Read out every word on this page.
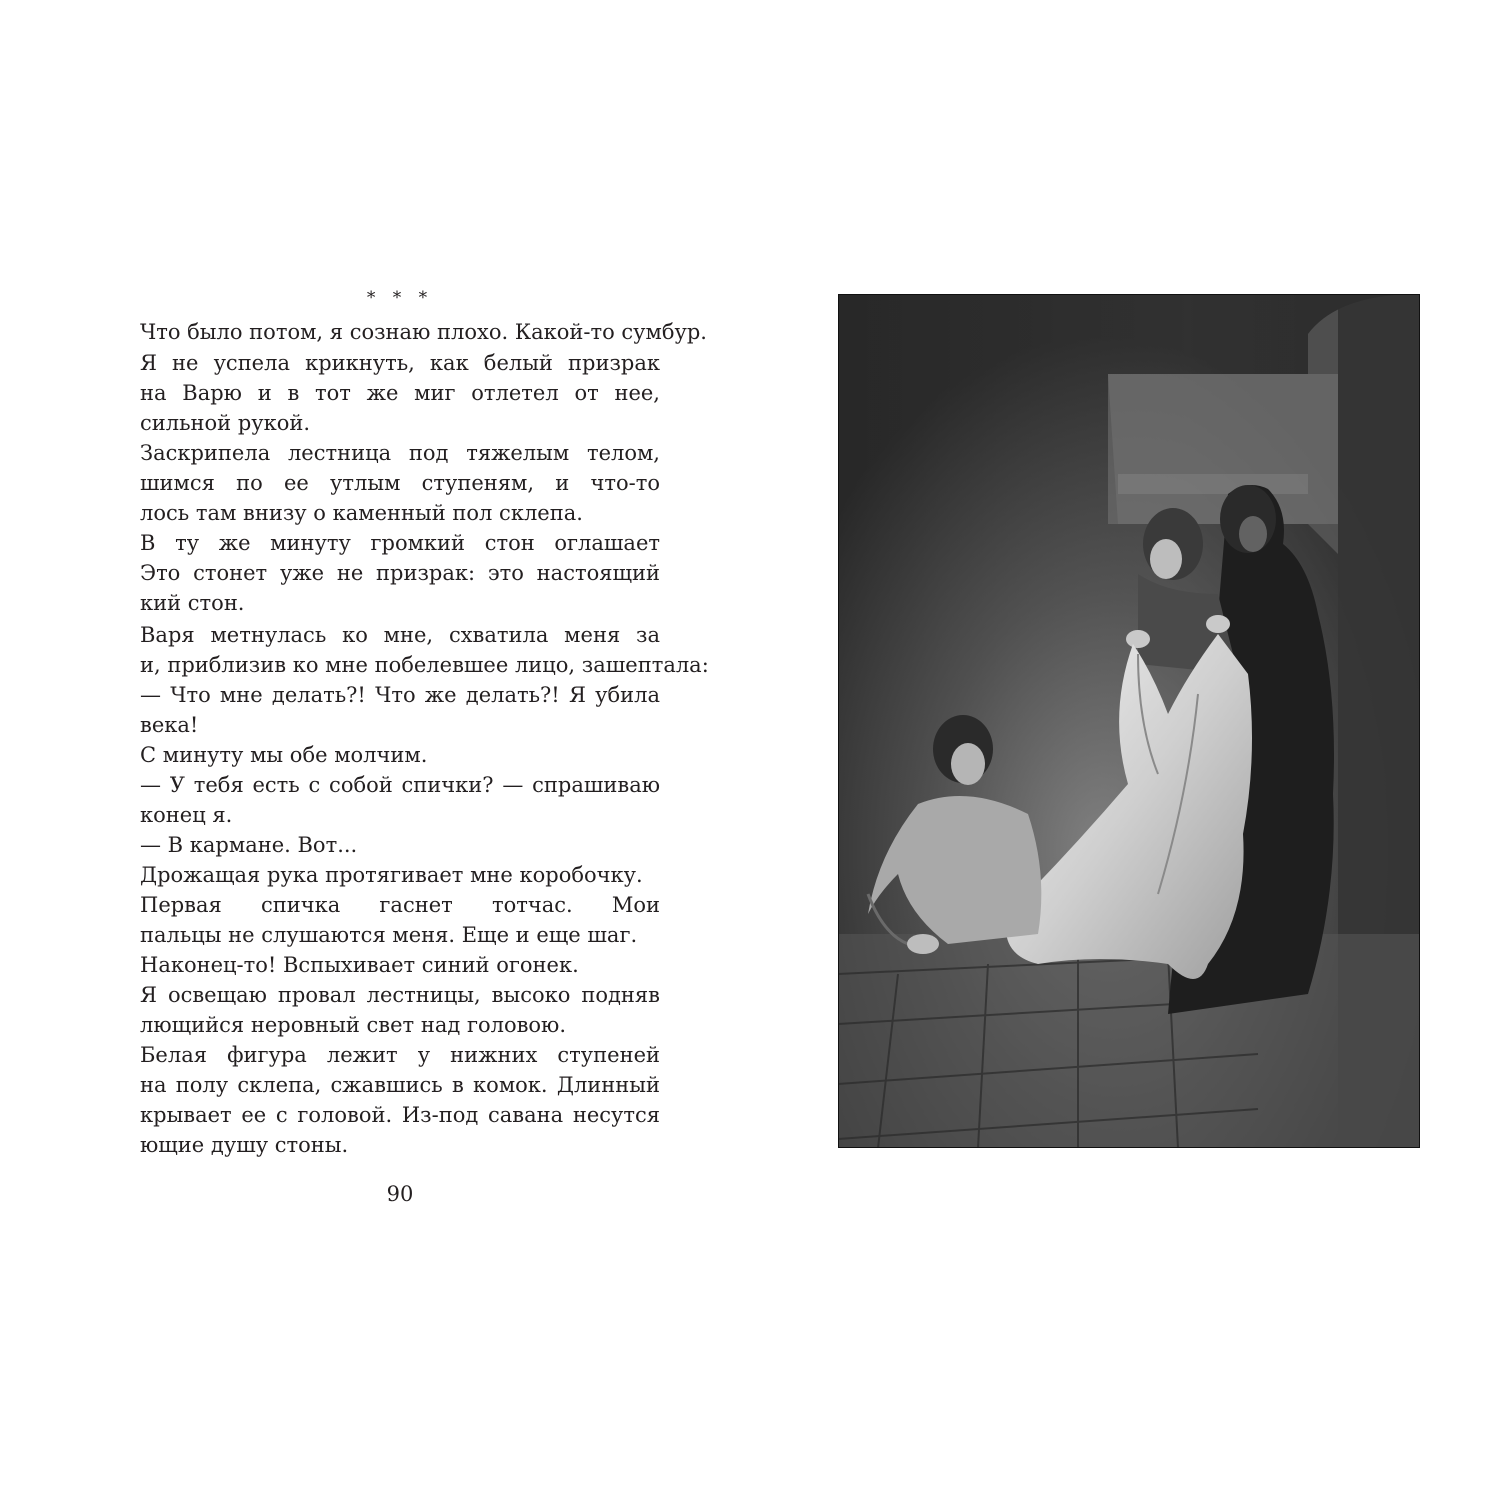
* * *
Что было потом, я сознаю плохо. Какой-то сумбур.
Я не успела крикнуть, как белый призрак
на Варю и в тот же миг отлетел от нее,
сильной рукой.
Заскрипела лестница под тяжелым телом,
шимся по ее утлым ступеням, и что-то
лось там внизу о каменный пол склепа.
В ту же минуту громкий стон оглашает
Это стонет уже не призрак: это настоящий
кий стон.
Варя метнулась ко мне, схватила меня за
и, приблизив ко мне побелевшее лицо, зашептала:
— Что мне делать?! Что же делать?! Я убила
века!
С минуту мы обе молчим.
— У тебя есть с собой спички? — спрашиваю
конец я.
— В кармане. Вот...
Дрожащая рука протягивает мне коробочку.
Первая спичка гаснет тотчас. Мои
пальцы не слушаются меня. Еще и еще шаг.
Наконец-то! Вспыхивает синий огонек.
Я освещаю провал лестницы, высоко подняв
лющийся неровный свет над головою.
Белая фигура лежит у нижних ступеней
на полу склепа, сжавшись в комок. Длинный
крывает ее с головой. Из-под савана несутся
ющие душу стоны.
90
